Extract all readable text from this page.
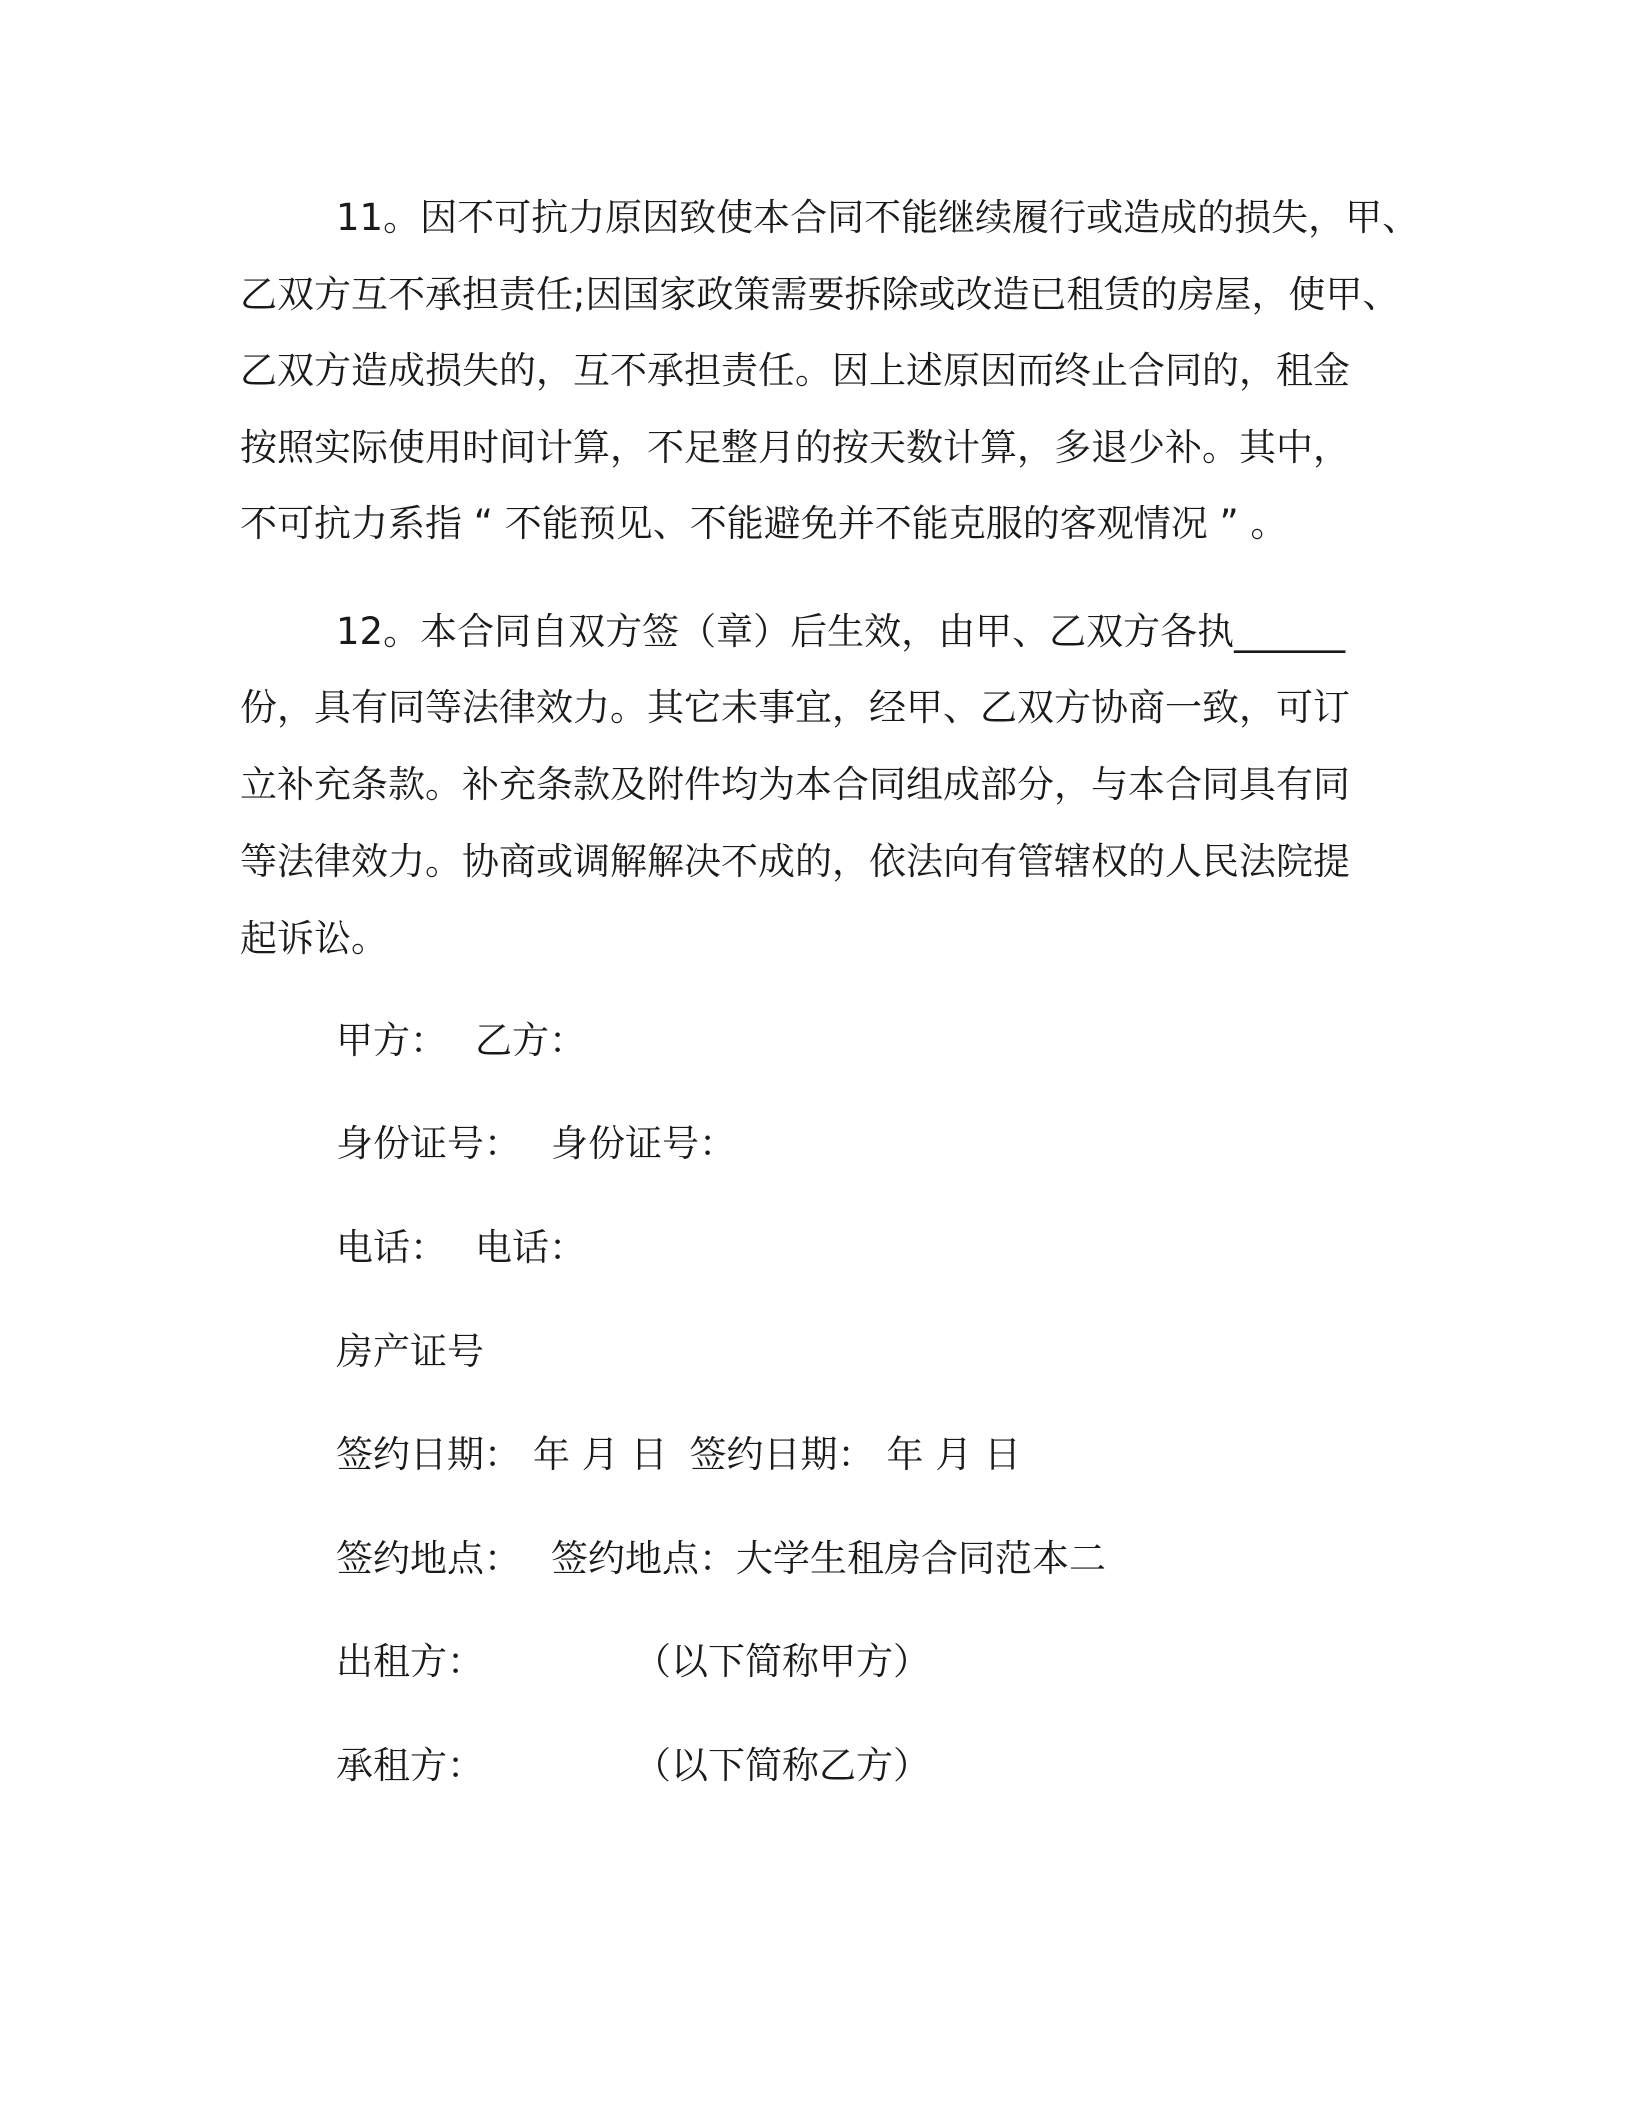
11。因不可抗力原因致使本合同不能继续履行或造成的损失，甲、
乙双方互不承担责任;因国家政策需要拆除或改造已租赁的房屋，使甲、
乙双方造成损失的，互不承担责任。因上述原因而终止合同的，租金
按照实际使用时间计算，不足整月的按天数计算，多退少补。其中，
不可抗力系指 “ 不能预见、不能避免并不能克服的客观情况 ” 。
12。本合同自双方签（章）后生效，由甲、乙双方各执______
份，具有同等法律效力。其它未事宜，经甲、乙双方协商一致，可订
立补充条款。补充条款及附件均为本合同组成部分，与本合同具有同
等法律效力。协商或调解解决不成的，依法向有管辖权的人民法院提
起诉讼。
甲方： 乙方：
身份证号： 身份证号：
电话： 电话：
房产证号
签约日期： 年 月 日 签约日期： 年 月 日
签约地点： 签约地点：大学生租房合同范本二
出租方：	（以下简称甲方）
承租方：	（以下简称乙方）
